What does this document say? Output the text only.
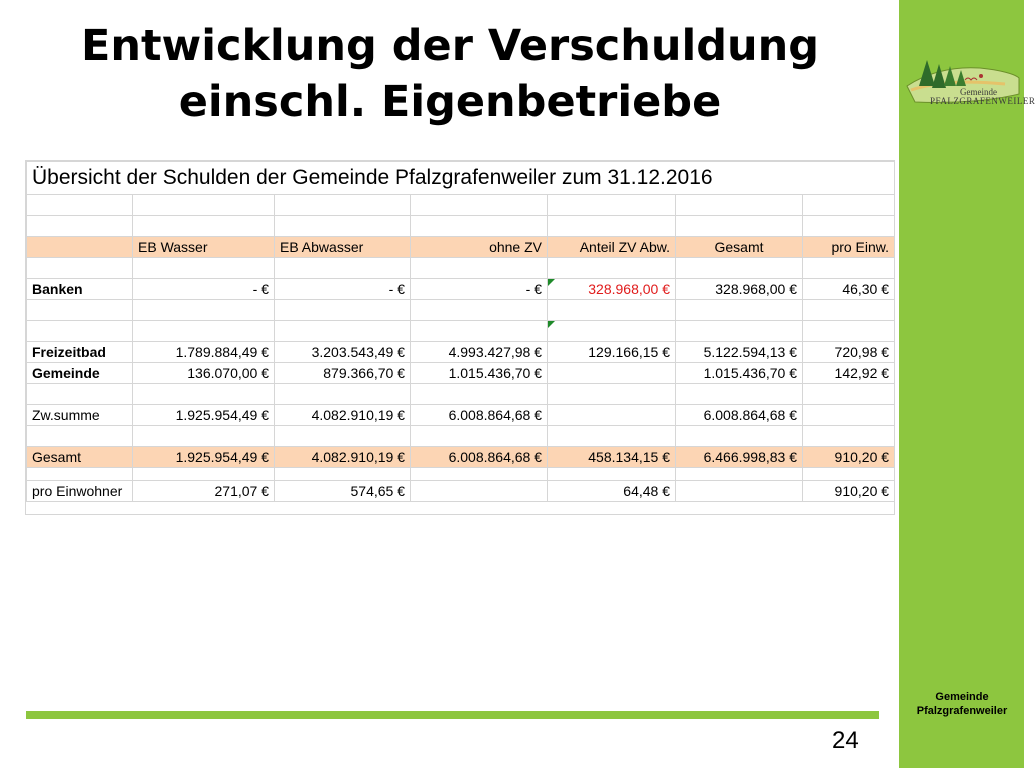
Entwicklung der Verschuldung
einschl. Eigenbetriebe	Gemeinde
PFALZGRAFENWEILER
Übersicht der Schulden der Gemeinde Pfalzgrafenweiler zum 31.12.2016						

	EB Wasser	EB Abwasser	ohne ZV	Anteil ZV Abw.	Gesamt	pro Einw.

Banken	- €	- €	- €	328.968,00 €	328.968,00 €	46,30 €

Freizeitbad	1.789.884,49 €	3.203.543,49 €	4.993.427,98 €	129.166,15 €	5.122.594,13 €	720,98 €
Gemeinde	136.070,00 €	879.366,70 €	1.015.436,70 €		1.015.436,70 €	142,92 €

Zw.summe	1.925.954,49 €	4.082.910,19 €	6.008.864,68 €		6.008.864,68 €	

Gesamt	1.925.954,49 €	4.082.910,19 €	6.008.864,68 €	458.134,15 €	6.466.998,83 €	910,20 €

pro Einwohner	271,07 €	574,65 €		64,48 €		910,20 €
24
Gemeinde
Pfalzgrafenweiler
